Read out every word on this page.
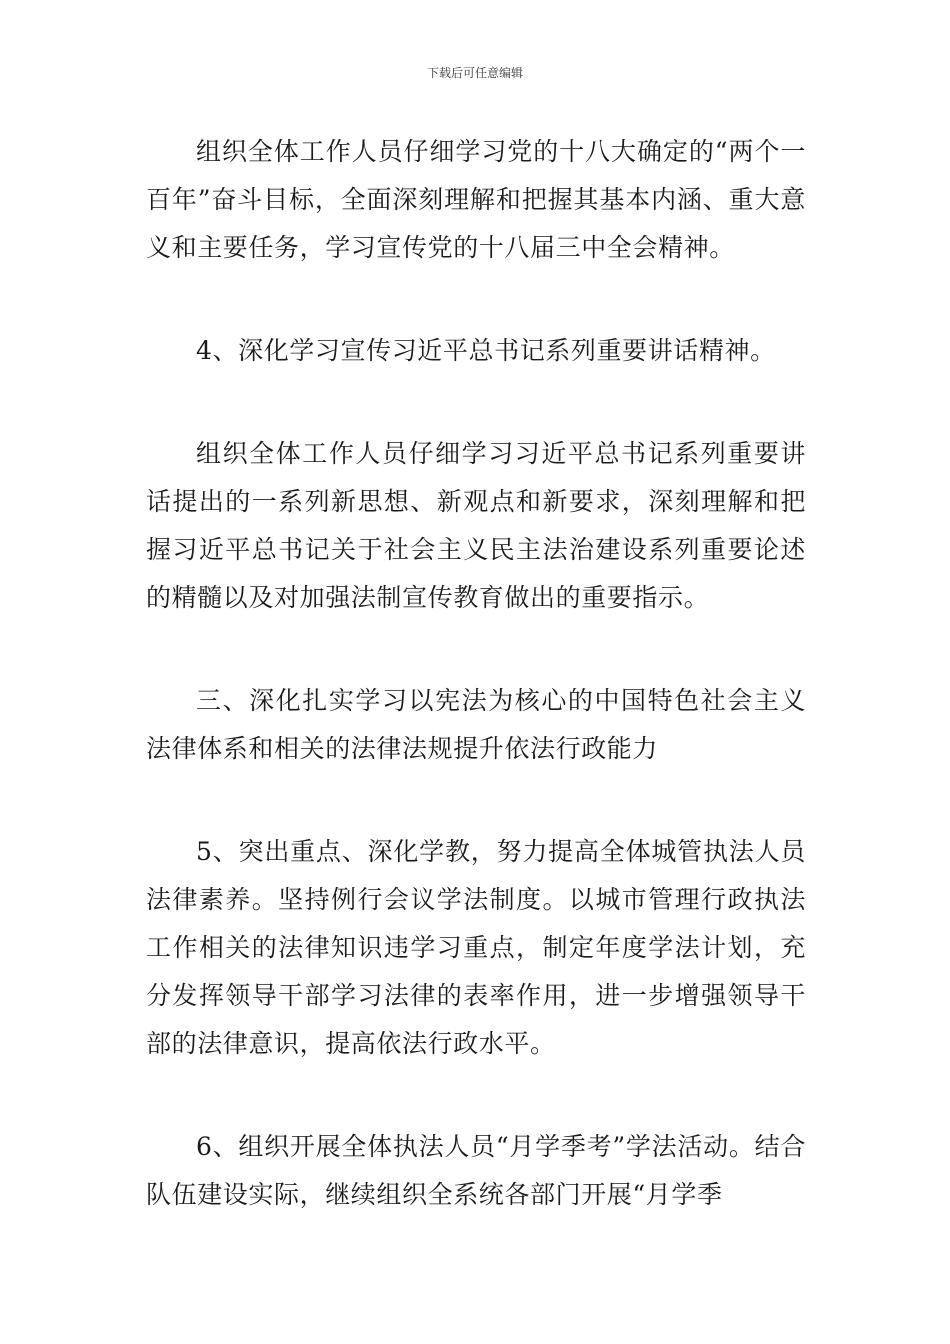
下载后可任意编辑

组织全体工作人员仔细学习党的十八大确定的“两个一百年”奋斗目标，全面深刻理解和把握其基本内涵、重大意义和主要任务，学习宣传党的十八届三中全会精神。

4、深化学习宣传习近平总书记系列重要讲话精神。

组织全体工作人员仔细学习习近平总书记系列重要讲话提出的一系列新思想、新观点和新要求，深刻理解和把握习近平总书记关于社会主义民主法治建设系列重要论述的精髓以及对加强法制宣传教育做出的重要指示。

三、深化扎实学习以宪法为核心的中国特色社会主义法律体系和相关的法律法规提升依法行政能力

5、突出重点、深化学教，努力提高全体城管执法人员法律素养。坚持例行会议学法制度。以城市管理行政执法工作相关的法律知识违学习重点，制定年度学法计划，充分发挥领导干部学习法律的表率作用，进一步增强领导干部的法律意识，提高依法行政水平。

6、组织开展全体执法人员“月学季考”学法活动。结合队伍建设实际，继续组织全系统各部门开展“月学季
